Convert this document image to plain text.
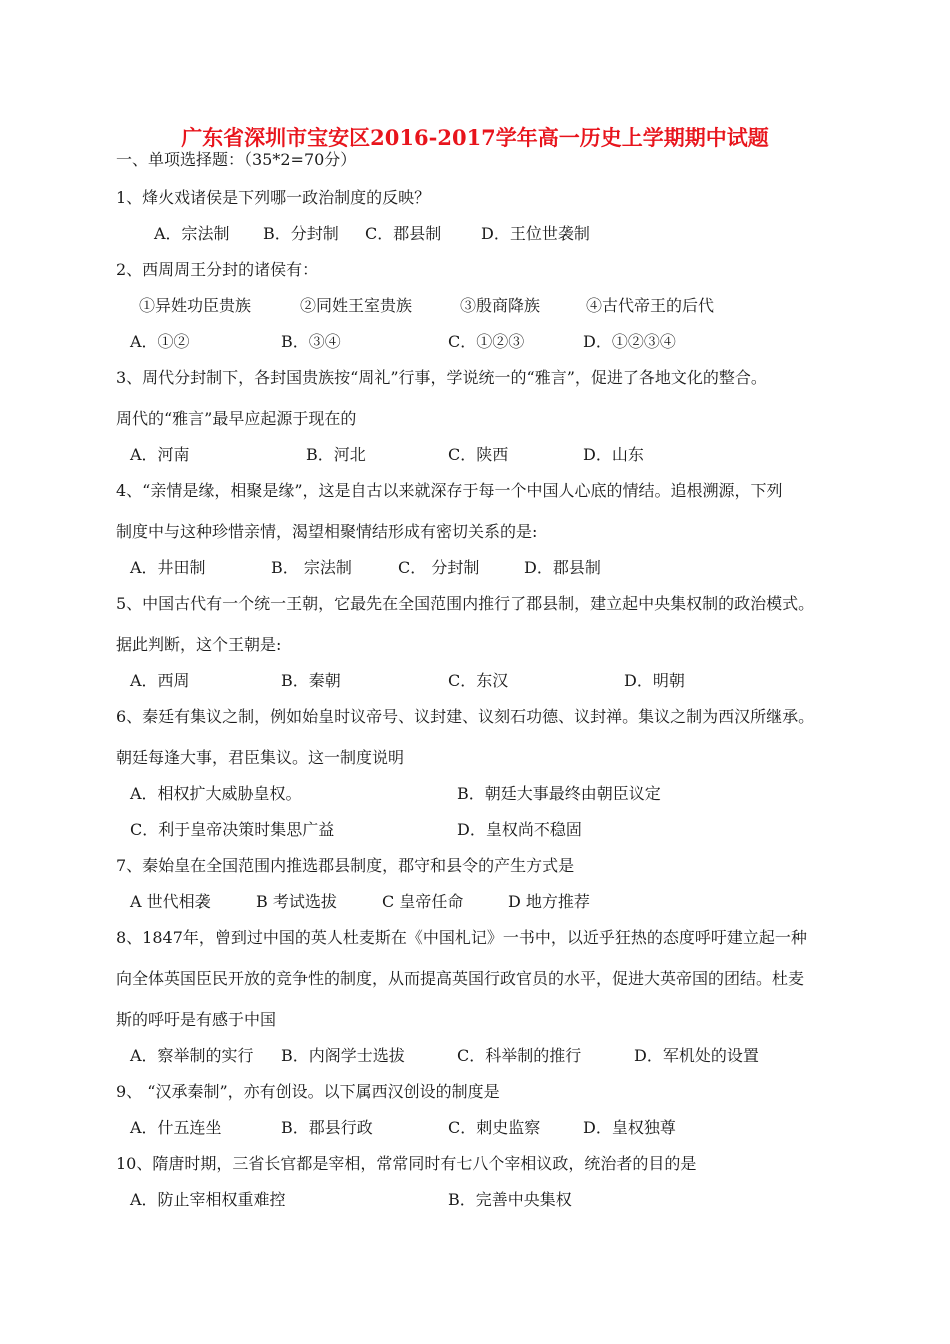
广东省深圳市宝安区2016-2017学年高一历史上学期期中试题
一、单项选择题：（35*2=70分）
1、烽火戏诸侯是下列哪一政治制度的反映？
A．宗法制 B．分封制 C．郡县制 D．王位世袭制
2、西周周王分封的诸侯有：
①异姓功臣贵族	②同姓王室贵族	③殷商降族	④古代帝王的后代
A．①②	B．③④	C．①②③	D．①②③④
3、周代分封制下，各封国贵族按“周礼”行事，学说统一的“雅言”，促进了各地文化的整合。
周代的“雅言”最早应起源于现在的
A．河南	B．河北	C．陕西	D．山东
4、“亲情是缘，相聚是缘”，这是自古以来就深存于每一个中国人心底的情结。追根溯源，下列
制度中与这种珍惜亲情，渴望相聚情结形成有密切关系的是:
A．井田制	B． 宗法制	C． 分封制	D．郡县制
5、中国古代有一个统一王朝，它最先在全国范围内推行了郡县制，建立起中央集权制的政治模式。
据此判断，这个王朝是:
A．西周	B．秦朝	C．东汉	D．明朝
6、秦廷有集议之制，例如始皇时议帝号、议封建、议刻石功德、议封禅。集议之制为西汉所继承。
朝廷每逢大事，君臣集议。这一制度说明
A．相权扩大威胁皇权。	B．朝廷大事最终由朝臣议定
C．利于皇帝决策时集思广益	D．皇权尚不稳固
7、秦始皇在全国范围内推选郡县制度，郡守和县令的产生方式是
A 世代相袭	B 考试选拔	C 皇帝任命	D 地方推荐
8、1847年，曾到过中国的英人杜麦斯在《中国札记》一书中，以近乎狂热的态度呼吁建立起一种
向全体英国臣民开放的竞争性的制度，从而提高英国行政官员的水平，促进大英帝国的团结。杜麦
斯的呼吁是有感于中国
A．察举制的实行 B．内阁学士选拔	C．科举制的推行	D．军机处的设置
9、 “汉承秦制”，亦有创设。以下属西汉创设的制度是
A．什五连坐	B．郡县行政	C．刺史监察	D．皇权独尊
10、隋唐时期，三省长官都是宰相，常常同时有七八个宰相议政，统治者的目的是
A．防止宰相权重难控	B．完善中央集权
